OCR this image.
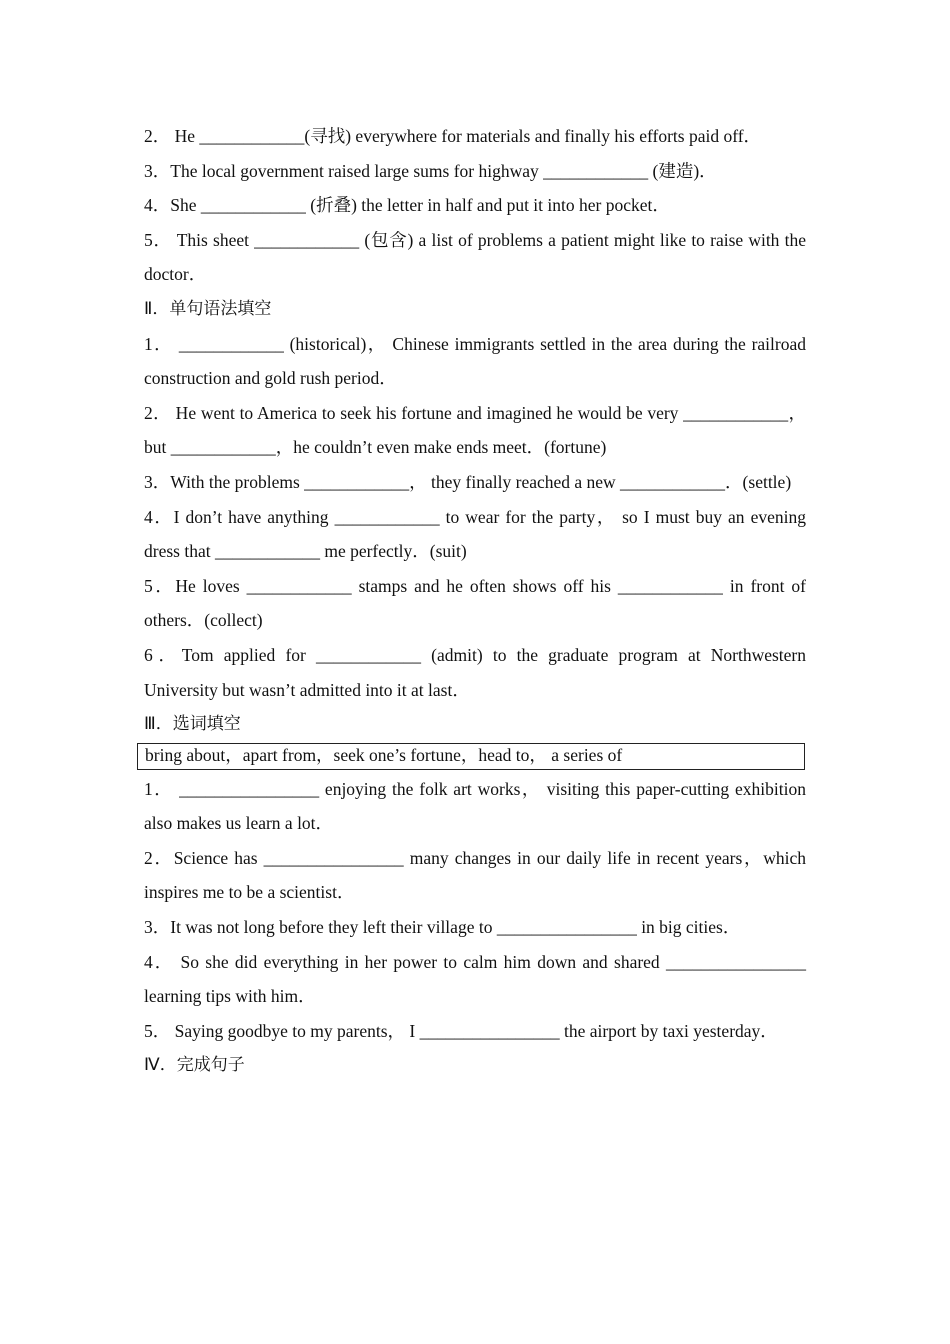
2． He ____________(寻找) everywhere for materials and finally his efforts paid off．

3．The local government raised large sums for highway ____________ (建造)．

4．She ____________ (折叠) the letter in half and put it into her pocket．

5． This sheet ____________ (包含) a list of problems a patient might like to raise with the doctor．

Ⅱ．单句语法填空

1． ____________ (historical)， Chinese immigrants settled in the area during the railroad construction and gold rush period．

2． He went to America to seek his fortune and imagined he would be very ____________，but ____________，he couldn’t even make ends meet．(fortune)

3．With the problems ____________， they finally reached a new ____________．(settle)

4．I don’t have anything ____________ to wear for the party， so I must buy an evening dress that ____________ me perfectly．(suit)

5．He loves ____________ stamps and he often shows off his ____________ in front of others．(collect)

6．Tom applied for ____________ (admit) to the graduate program at Northwestern University but wasn’t admitted into it at last．

Ⅲ．选词填空

bring about，apart from，seek one’s fortune，head to， a series of

1． ________________ enjoying the folk art works， visiting this paper-cutting exhibition also makes us learn a lot．

2．Science has ________________ many changes in our daily life in recent years，which inspires me to be a scientist．

3．It was not long before they left their village to ________________ in big cities．

4． So she did everything in her power to calm him down and shared ________________ learning tips with him．

5． Saying goodbye to my parents， I ________________ the airport by taxi yesterday．

Ⅳ．完成句子
